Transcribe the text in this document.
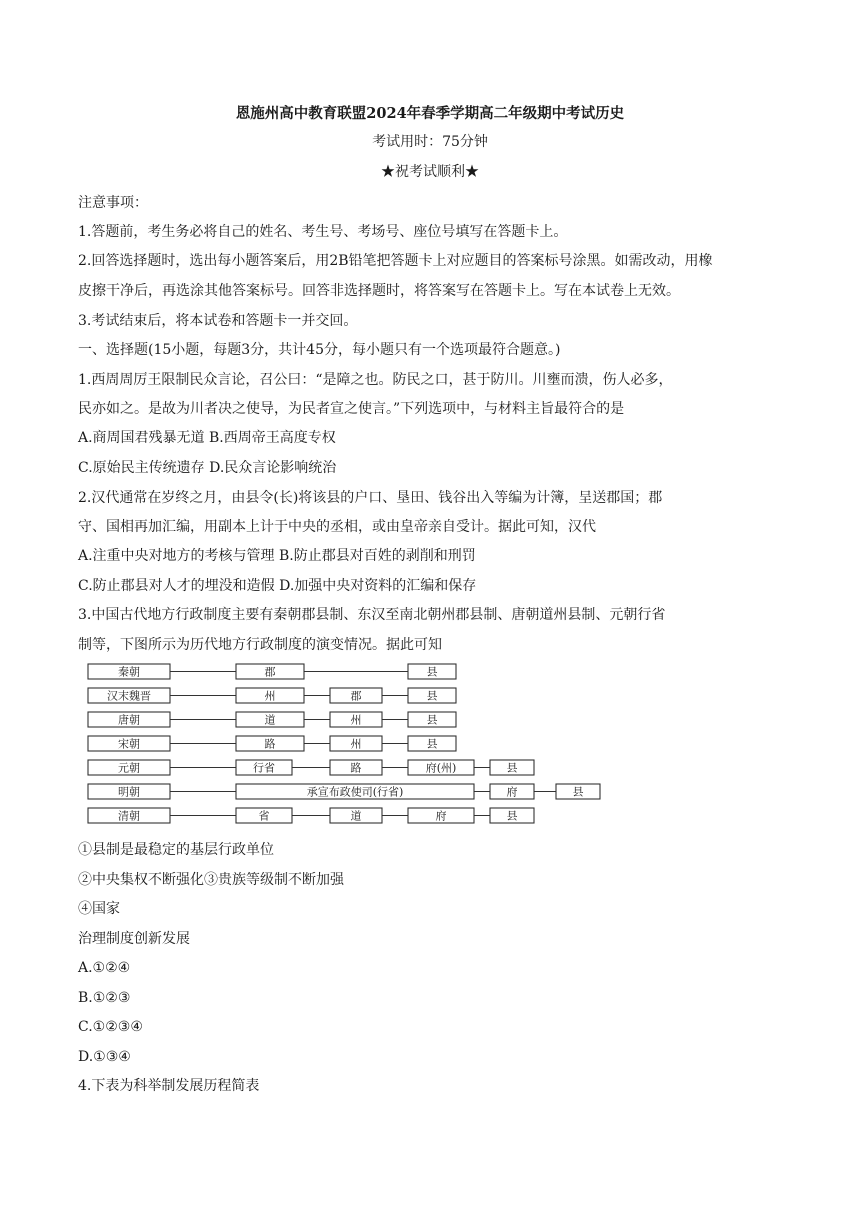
恩施州高中教育联盟2024年春季学期高二年级期中考试历史
考试用时：75分钟
★祝考试顺利★
注意事项：
1.答题前，考生务必将自己的姓名、考生号、考场号、座位号填写在答题卡上。
2.回答选择题时，选出每小题答案后，用2B铅笔把答题卡上对应题目的答案标号涂黑。如需改动，用橡
皮擦干净后，再选涂其他答案标号。回答非选择题时，将答案写在答题卡上。写在本试卷上无效。
3.考试结束后，将本试卷和答题卡一并交回。
一、选择题(15小题，每题3分，共计45分，每小题只有一个选项最符合题意。)
1.西周周厉王限制民众言论，召公曰：“是障之也。防民之口，甚于防川。川壅而溃，伤人必多，
民亦如之。是故为川者决之使导，为民者宣之使言。”下列选项中，与材料主旨最符合的是
A.商周国君残暴无道 B.西周帝王高度专权
C.原始民主传统遗存 D.民众言论影响统治
2.汉代通常在岁终之月，由县令(长)将该县的户口、垦田、钱谷出入等编为计簿，呈送郡国；郡
守、国相再加汇编，用副本上计于中央的丞相，或由皇帝亲自受计。据此可知，汉代
A.注重中央对地方的考核与管理 B.防止郡县对百姓的剥削和刑罚
C.防止郡县对人才的埋没和造假 D.加强中央对资料的汇编和保存
3.中国古代地方行政制度主要有秦朝郡县制、东汉至南北朝州郡县制、唐朝道州县制、元朝行省
制等，下图所示为历代地方行政制度的演变情况。据此可知
秦朝	郡	县
汉末魏晋	州	郡	县
唐朝	道	州	县
宋朝	路	州	县
元朝	行省	路	府(州)	县
明朝	承宣布政使司(行省)	府	县
清朝	省	道	府	县
①县制是最稳定的基层行政单位
②中央集权不断强化③贵族等级制不断加强
④国家
治理制度创新发展
A.①②④
B.①②③
C.①②③④
D.①③④
4.下表为科举制发展历程简表
